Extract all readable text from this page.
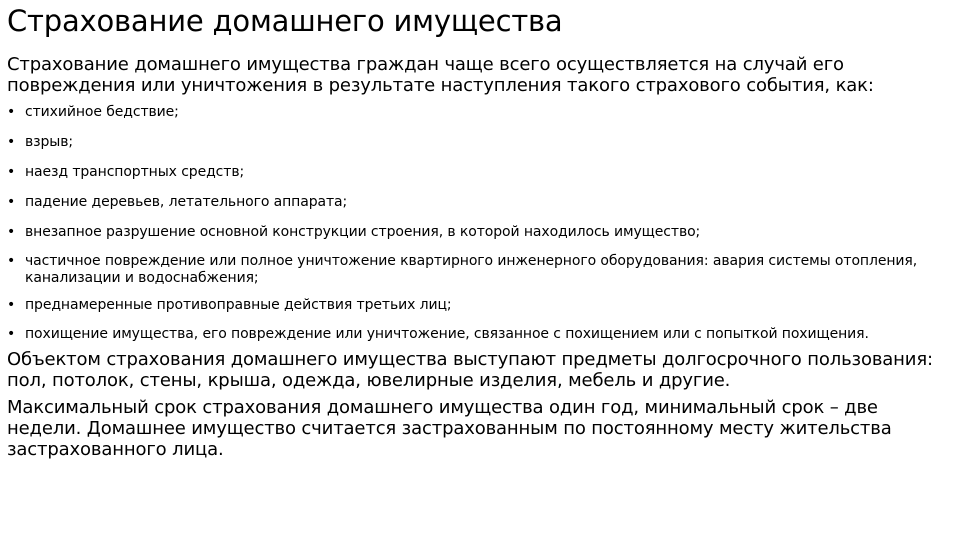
Страхование домашнего имущества

Страхование домашнего имущества граждан чаще всего осуществляется на случай его повреждения или уничтожения в результате наступления такого страхового события, как:

• стихийное бедствие;
• взрыв;
• наезд транспортных средств;
• падение деревьев, летательного аппарата;
• внезапное разрушение основной конструкции строения, в которой находилось имущество;
• частичное повреждение или полное уничтожение квартирного инженерного оборудования: авария системы отопления, канализации и водоснабжения;
• преднамеренные противоправные действия третьих лиц;
• похищение имущества, его повреждение или уничтожение, связанное с похищением или с попыткой похищения.

Объектом страхования домашнего имущества выступают предметы долгосрочного пользования: пол, потолок, стены, крыша, одежда, ювелирные изделия, мебель и другие.

Максимальный срок страхования домашнего имущества один год, минимальный срок – две недели. Домашнее имущество считается застрахованным по постоянному месту жительства застрахованного лица.
